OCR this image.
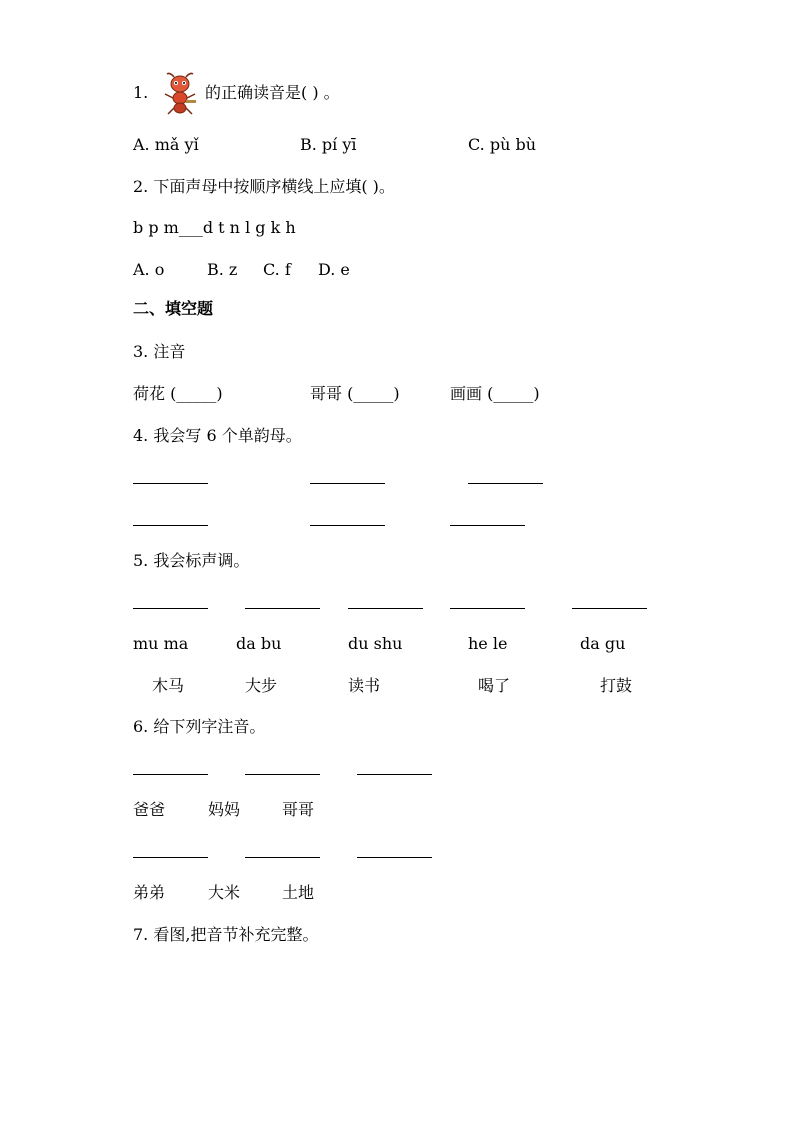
1.	的正确读音是( ) 。
A. mǎ yǐ	B. pí yī	C. pù bù
2. 下面声母中按顺序横线上应填( )。
b p m___d t n l g k h
A. o	B. z C. f D. e
二、填空题
3. 注音
荷花 (_____)	哥哥 (_____)	画画 (_____)
4. 我会写 6 个单韵母。
5. 我会标声调。
mu ma	da bu	du shu	he le	da gu
木马	大步	读书	喝了	打鼓
6. 给下列字注音。
爸爸	妈妈	哥哥
弟弟	大米	土地
7. 看图,把音节补充完整。
